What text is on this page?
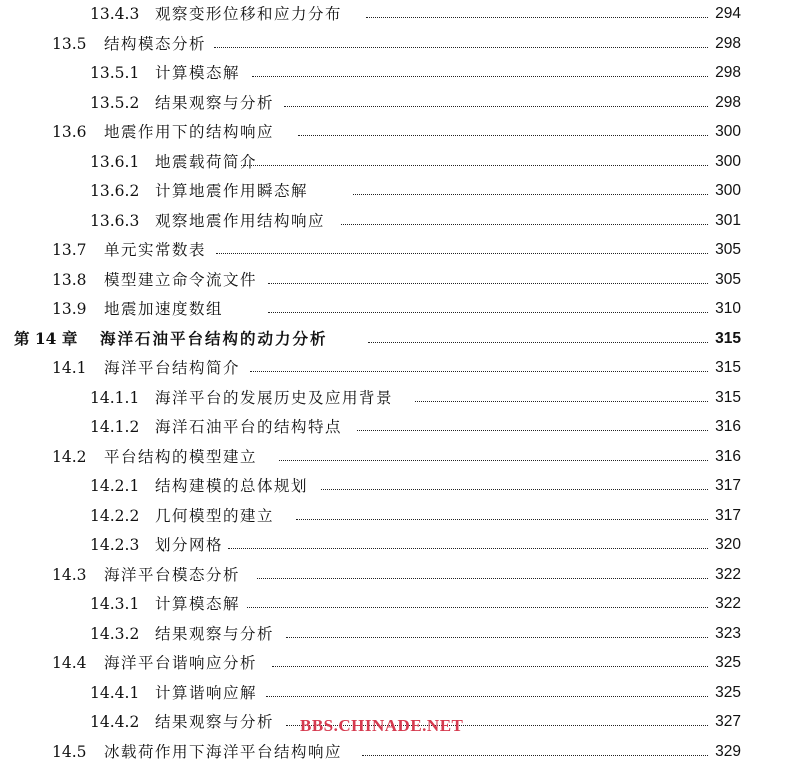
13.4.3 观察变形位移和应力分布	294
13.5 结构模态分析	298
13.5.1 计算模态解	298
13.5.2 结果观察与分析	298
13.6 地震作用下的结构响应	300
13.6.1 地震载荷简介	300
13.6.2 计算地震作用瞬态解	300
13.6.3 观察地震作用结构响应	301
13.7 单元实常数表	305
13.8 模型建立命令流文件	305
13.9 地震加速度数组	310
第 14 章 海洋石油平台结构的动力分析	315
14.1 海洋平台结构简介	315
14.1.1 海洋平台的发展历史及应用背景	315
14.1.2 海洋石油平台的结构特点	316
14.2 平台结构的模型建立	316
14.2.1 结构建模的总体规划	317
14.2.2 几何模型的建立	317
14.2.3 划分网格	320
14.3 海洋平台模态分析	322
14.3.1 计算模态解	322
14.3.2 结果观察与分析	323
14.4 海洋平台谐响应分析	325
14.4.1 计算谐响应解	325
14.4.2 结果观察与分析	327
14.5 冰载荷作用下海洋平台结构响应	329
BBS.CHINADE.NET
